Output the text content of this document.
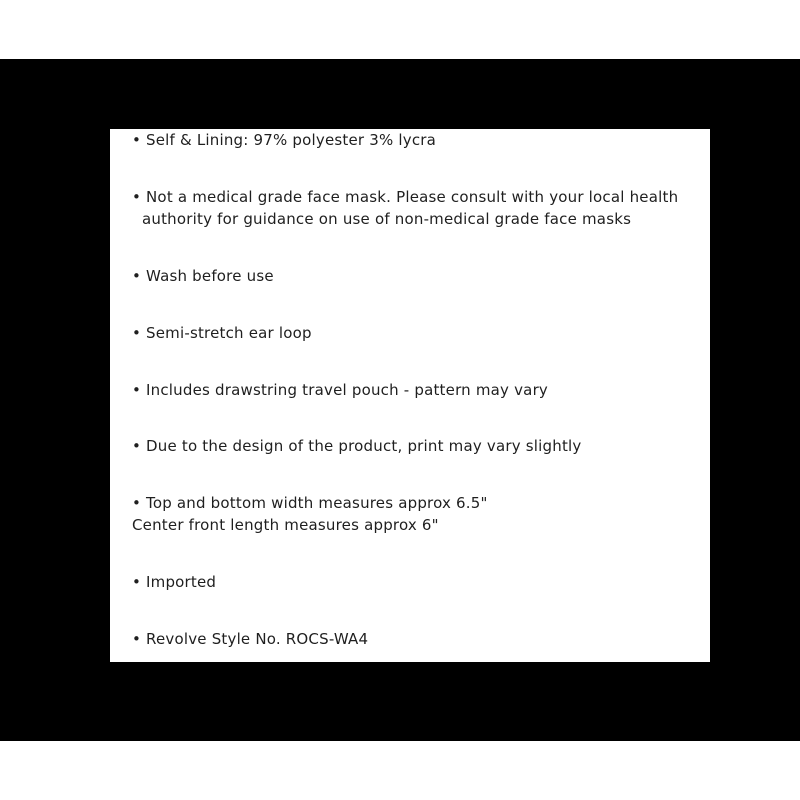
• Self & Lining: 97% polyester 3% lycra
• Not a medical grade face mask. Please consult with your local health
authority for guidance on use of non-medical grade face masks
• Wash before use
• Semi-stretch ear loop
• Includes drawstring travel pouch - pattern may vary
• Due to the design of the product, print may vary slightly
• Top and bottom width measures approx 6.5"
Center front length measures approx 6"
• Imported
• Revolve Style No. ROCS-WA4
